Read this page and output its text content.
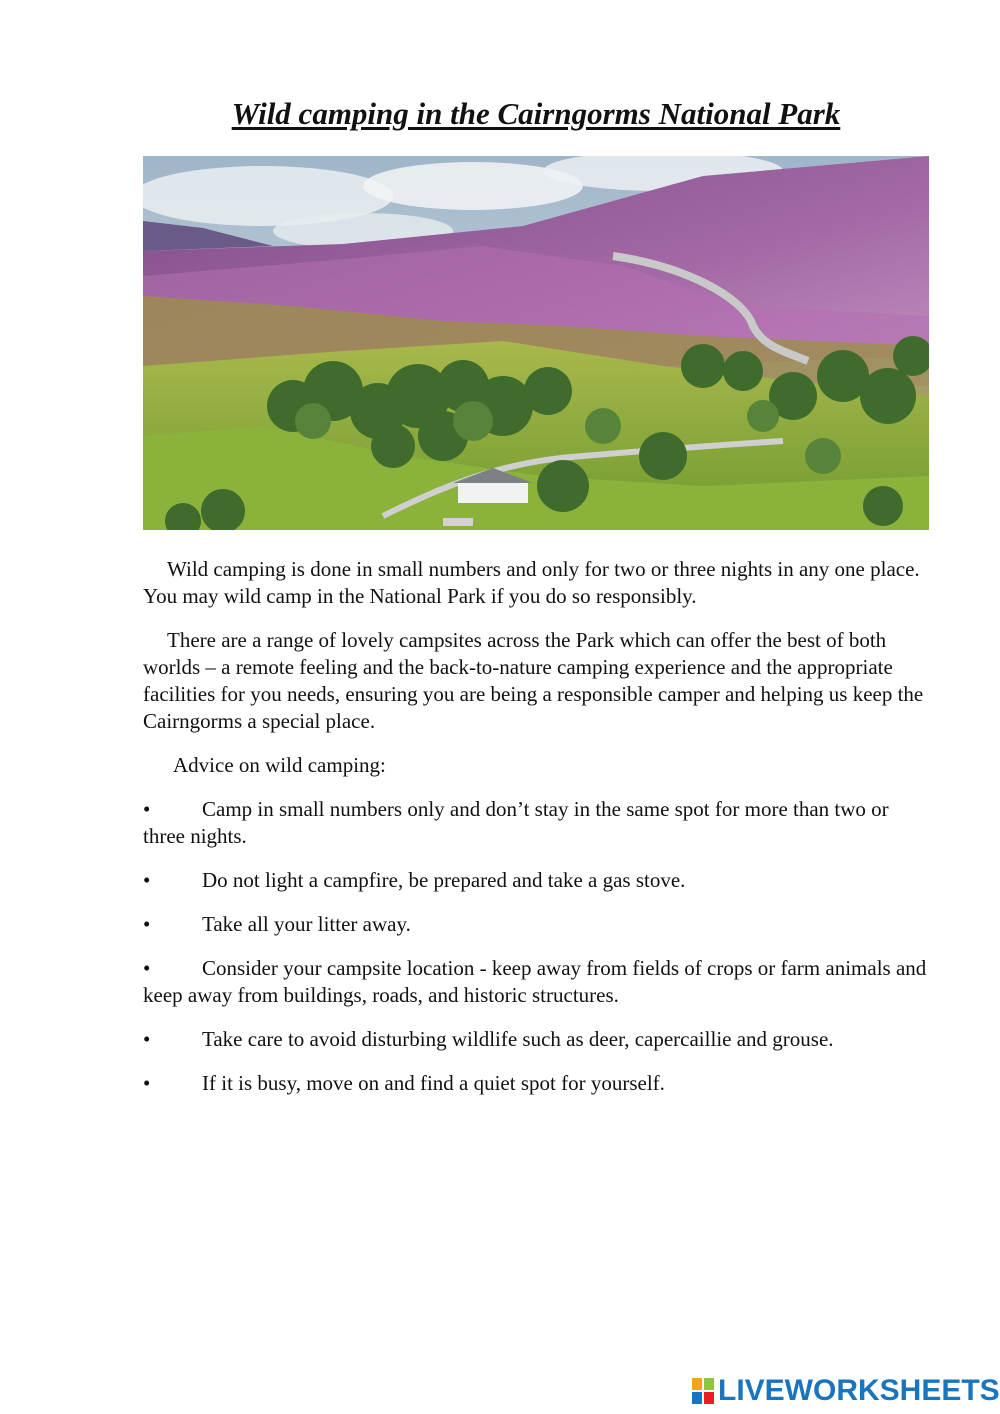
Wild camping in the Cairngorms National Park

Wild camping is done in small numbers and only for two or three nights in any one place. You may wild camp in the National Park if you do so responsibly.

There are a range of lovely campsites across the Park which can offer the best of both worlds – a remote feeling and the back-to-nature camping experience and the appropriate facilities for you needs, ensuring you are being a responsible camper and helping us keep the Cairngorms a special place.

Advice on wild camping:

• Camp in small numbers only and don’t stay in the same spot for more than two or three nights.
• Do not light a campfire, be prepared and take a gas stove.
• Take all your litter away.
• Consider your campsite location - keep away from fields of crops or farm animals and keep away from buildings, roads, and historic structures.
• Take care to avoid disturbing wildlife such as deer, capercaillie and grouse.
• If it is busy, move on and find a quiet spot for yourself.
LIVEWORKSHEETS
